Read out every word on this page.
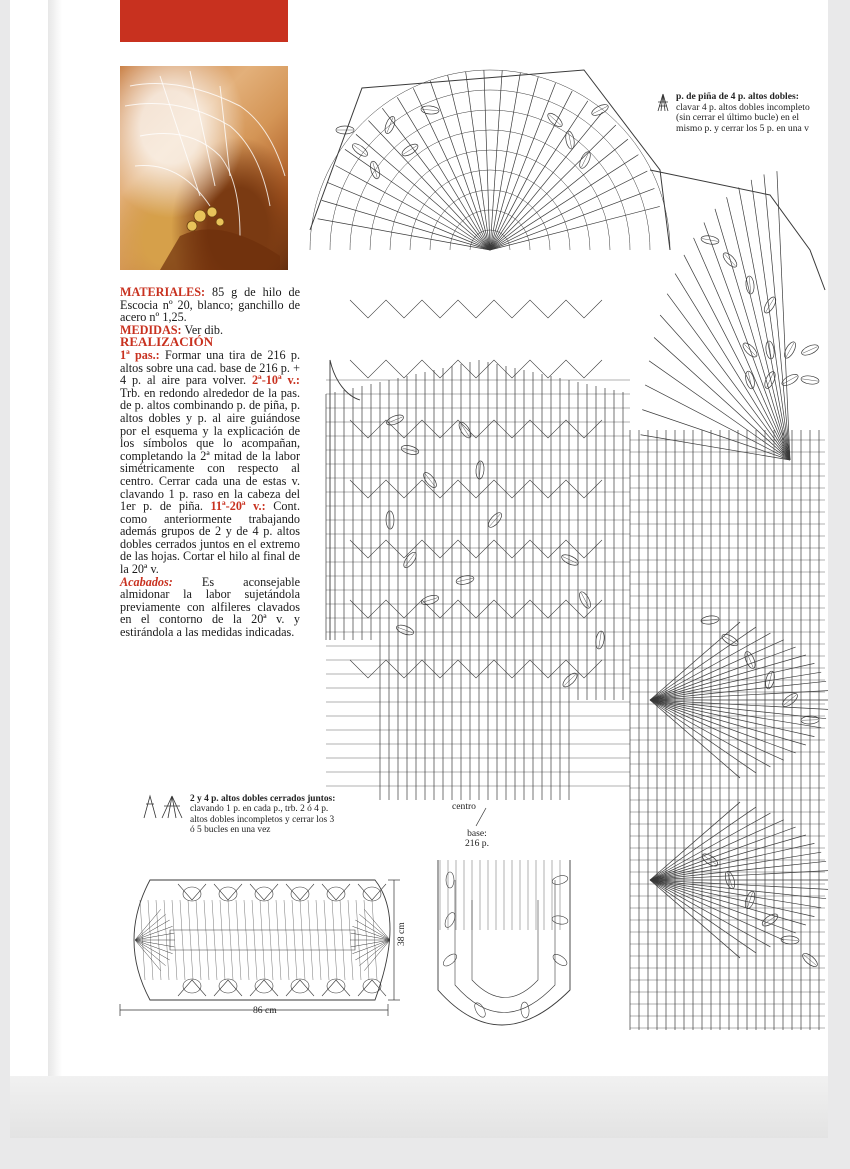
MATERIALES: 85 g de hilo de Escocia nº 20, blanco; ganchillo de acero nº 1,25.

MEDIDAS: Ver dib.

REALIZACIÓN

1ª pas.: Formar una tira de 216 p. altos sobre una cad. base de 216 p. + 4 p. al aire para volver. 2ª-10ª v.: Trb. en redondo alrededor de la pas. de p. altos combinando p. de piña, p. altos dobles y p. al aire guiándose por el esquema y la explicación de los símbolos que lo acompañan, completando la 2ª mitad de la labor simétricamente con respecto al centro. Cerrar cada una de estas v. clavando 1 p. raso en la cabeza del 1er p. de piña. 11ª-20ª v.: Cont. como anteriormente trabajando además grupos de 2 y de 4 p. altos dobles cerrados juntos en el extremo de las hojas. Cortar el hilo al final de la 20ª v.

Acabados: Es aconsejable almidonar la labor sujetándola previamente con alfileres clavados en el contorno de la 20ª v. y estirándola a las medidas indicadas.

p. de piña de 4 p. altos dobles:
clavar 4 p. altos dobles incompleto
(sin cerrar el último bucle) en el
mismo p. y cerrar los 5 p. en una v
2 y 4 p. altos dobles cerrados juntos: clavando 1 p. en cada p., trb. 2 ó 4 p. altos dobles incompletos y cerrar los 3 ó 5 bucles en una vez
centro
base:
216 p.
38 cm
86 cm
